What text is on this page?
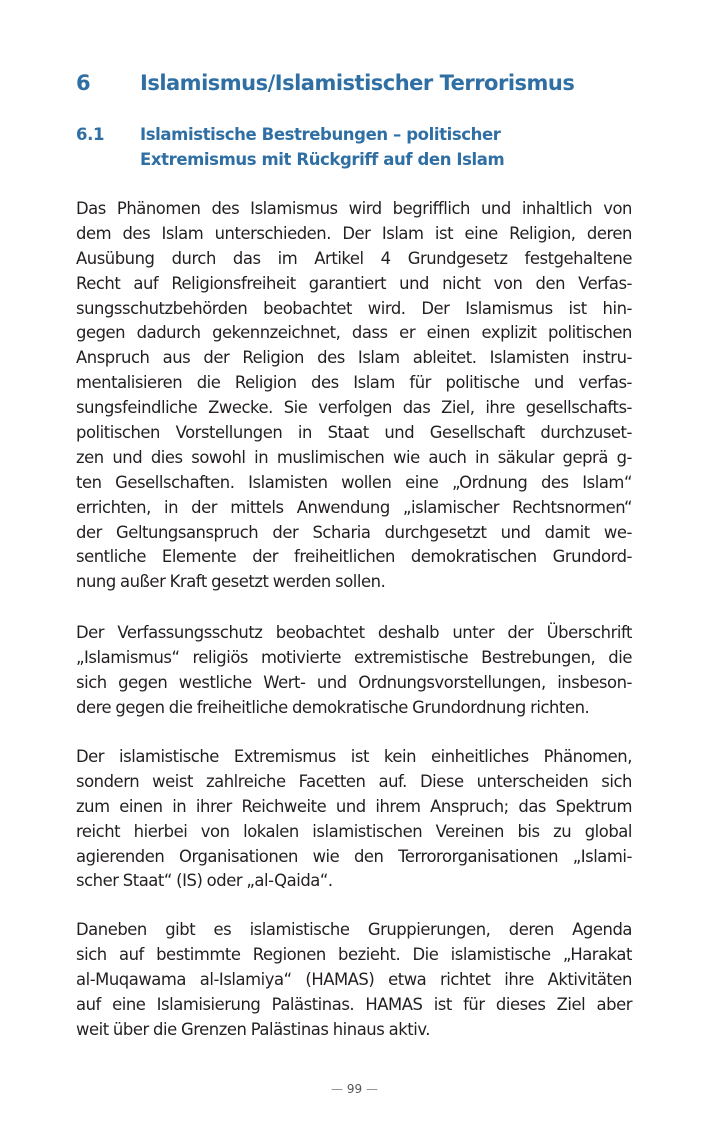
6 Islamismus/Islamistischer Terrorismus
6.1 Islamistische Bestrebungen – politischer
Extremismus mit Rückgriff auf den Islam
Das Phänomen des Islamismus wird begrifflich und inhaltlich von
dem des Islam unterschieden. Der Islam ist eine Religion, deren
Ausübung durch das im Artikel 4 Grundgesetz festgehaltene
Recht auf Religionsfreiheit garantiert und nicht von den Verfas-
sungsschutzbehörden beobachtet wird. Der Islamismus ist hin-
gegen dadurch gekennzeichnet, dass er einen explizit politischen
Anspruch aus der Religion des Islam ableitet. Islamisten instru-
mentalisieren die Religion des Islam für politische und verfas-
sungsfeindliche Zwecke. Sie verfolgen das Ziel, ihre gesellschafts-
politischen Vorstellungen in Staat und Gesellschaft durchzuset-
zen und dies sowohl in muslimischen wie auch in säkular geprä g-
ten Gesellschaften. Islamisten wollen eine „Ordnung des Islam“
errichten, in der mittels Anwendung „islamischer Rechtsnormen“
der Geltungsanspruch der Scharia durchgesetzt und damit we-
sentliche Elemente der freiheitlichen demokratischen Grundord-
nung außer Kraft gesetzt werden sollen.
Der Verfassungsschutz beobachtet deshalb unter der Überschrift
„Islamismus“ religiös motivierte extremistische Bestrebungen, die
sich gegen westliche Wert- und Ordnungsvorstellungen, insbeson-
dere gegen die freiheitliche demokratische Grundordnung richten.
Der islamistische Extremismus ist kein einheitliches Phänomen,
sondern weist zahlreiche Facetten auf. Diese unterscheiden sich
zum einen in ihrer Reichweite und ihrem Anspruch; das Spektrum
reicht hierbei von lokalen islamistischen Vereinen bis zu global
agierenden Organisationen wie den Terrororganisationen „Islami-
scher Staat“ (IS) oder „al-Qaida“.
Daneben gibt es islamistische Gruppierungen, deren Agenda
sich auf bestimmte Regionen bezieht. Die islamistische „Harakat
al-Muqawama al-Islamiya“ (HAMAS) etwa richtet ihre Aktivitäten
auf eine Islamisierung Palästinas. HAMAS ist für dieses Ziel aber
weit über die Grenzen Palästinas hinaus aktiv.
— 99 —
